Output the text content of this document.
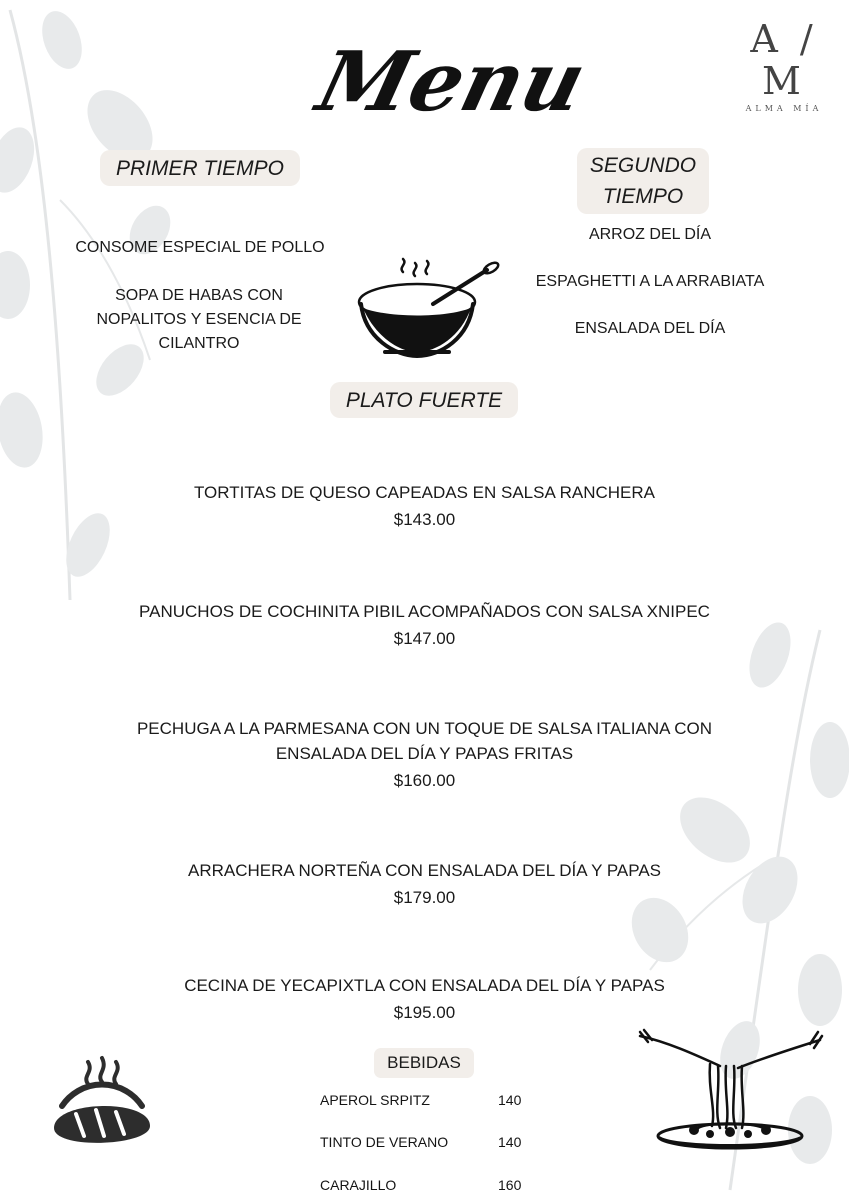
Menu	A / M
ALMA MÍA
PRIMER TIEMPO
CONSOME ESPECIAL DE POLLO
SOPA DE HABAS CON NOPALITOS Y ESENCIA DE CILANTRO
SEGUNDO
TIEMPO
ARROZ DEL DÍA
ESPAGHETTI A LA ARRABIATA
ENSALADA DEL DÍA
PLATO FUERTE
TORTITAS DE QUESO CAPEADAS EN SALSA RANCHERA
$143.00
PANUCHOS DE COCHINITA PIBIL ACOMPAÑADOS CON SALSA XNIPEC
$147.00
PECHUGA A LA PARMESANA CON UN TOQUE DE SALSA ITALIANA CON ENSALADA DEL DÍA Y PAPAS FRITAS
$160.00
ARRACHERA NORTEÑA CON ENSALADA DEL DÍA Y PAPAS
$179.00
CECINA DE YECAPIXTLA CON ENSALADA DEL DÍA Y PAPAS
$195.00
BEBIDAS
APEROL SRPITZ	140
TINTO DE VERANO	140
CARAJILLO	160
